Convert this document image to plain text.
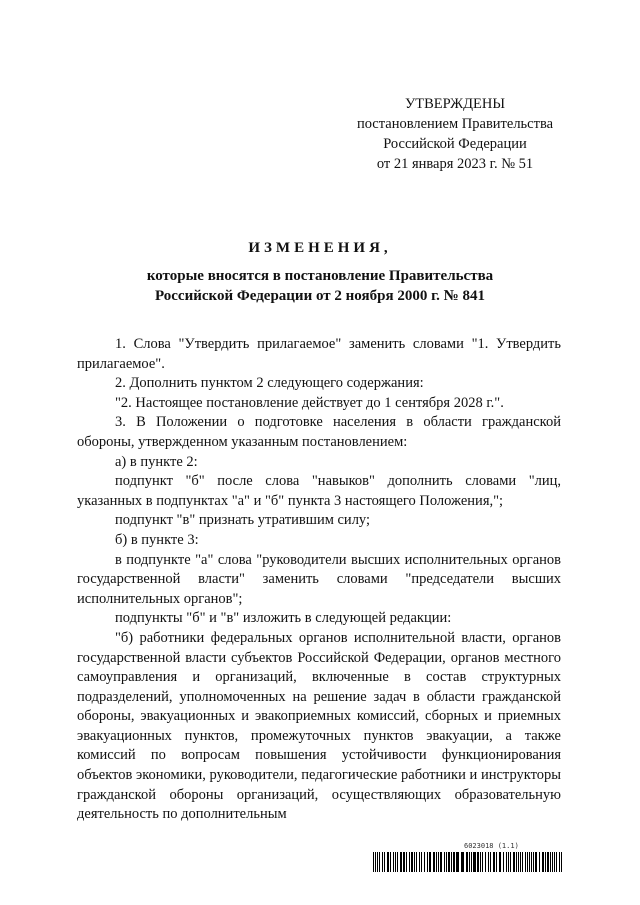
УТВЕРЖДЕНЫ
постановлением Правительства
Российской Федерации
от 21 января 2023 г. № 51
ИЗМЕНЕНИЯ,
которые вносятся в постановление Правительства
Российской Федерации от 2 ноября 2000 г. № 841

1. Слова "Утвердить прилагаемое" заменить словами "1. Утвердить прилагаемое".

2. Дополнить пунктом 2 следующего содержания:

"2. Настоящее постановление действует до 1 сентября 2028 г.".

3. В Положении о подготовке населения в области гражданской обороны, утвержденном указанным постановлением:

а) в пункте 2:

подпункт "б" после слова "навыков" дополнить словами "лиц, указанных в подпунктах "а" и "б" пункта 3 настоящего Положения,";

подпункт "в" признать утратившим силу;

б) в пункте 3:

в подпункте "а" слова "руководители высших исполнительных органов государственной власти" заменить словами "председатели высших исполнительных органов";

подпункты "б" и "в" изложить в следующей редакции:

"б) работники федеральных органов исполнительной власти, органов государственной власти субъектов Российской Федерации, органов местного самоуправления и организаций, включенные в состав структурных подразделений, уполномоченных на решение задач в области гражданской обороны, эвакуационных и эвакоприемных комиссий, сборных и приемных эвакуационных пунктов, промежуточных пунктов эвакуации, а также комиссий по вопросам повышения устойчивости функционирования объектов экономики, руководители, педагогические работники и инструкторы гражданской обороны организаций, осуществляющих образовательную деятельность по дополнительным

6023018 (1.1)
